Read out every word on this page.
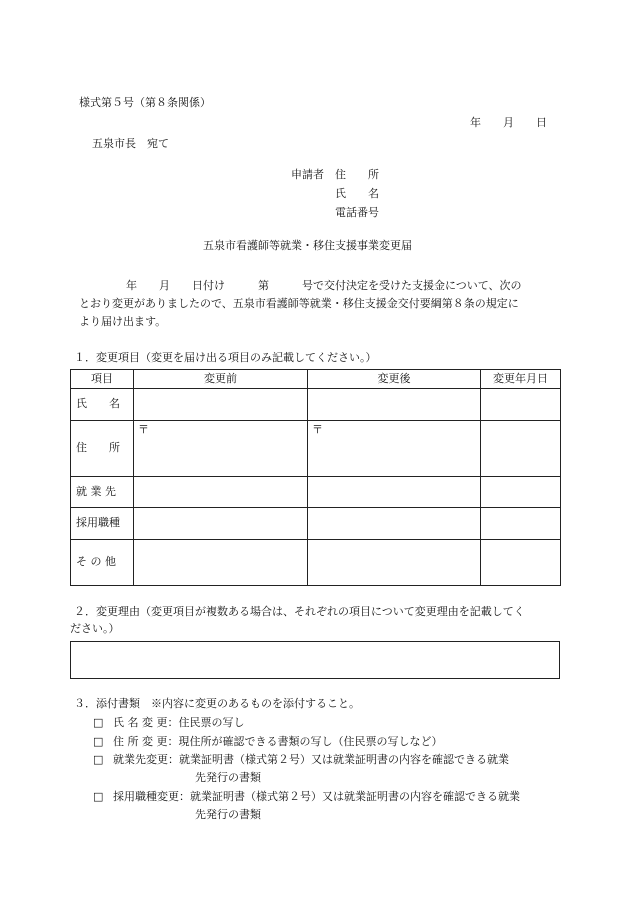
様式第５号（第８条関係）
年　　月　　日
五泉市長　宛て
申請者 住　　所
氏　　名
電話番号
五泉市看護師等就業・移住支援事業変更届
年　　月　　日付け　　　第　　　号で交付決定を受けた支援金について、次の
とおり変更がありましたので、五泉市看護師等就業・移住支援金交付要綱第８条の規定に
より届け出ます。
１．変更項目（変更を届け出る項目のみ記載してください。）
項目	変更前	変更後	変更年月日

氏　　名			

住　　所	〒	〒	

就 業 先			

採用職種			

そ の 他			

２．変更理由（変更項目が複数ある場合は、それぞれの項目について変更理由を記載してく
ださい。）
３．添付書類　※内容に変更のあるものを添付すること。
□ 氏 名 変 更：住民票の写し
□ 住 所 変 更：現住所が確認できる書類の写し（住民票の写しなど）
□ 就業先変更：就業証明書（様式第２号）又は就業証明書の内容を確認できる就業
先発行の書類
□ 採用職種変更：就業証明書（様式第２号）又は就業証明書の内容を確認できる就業
先発行の書類
